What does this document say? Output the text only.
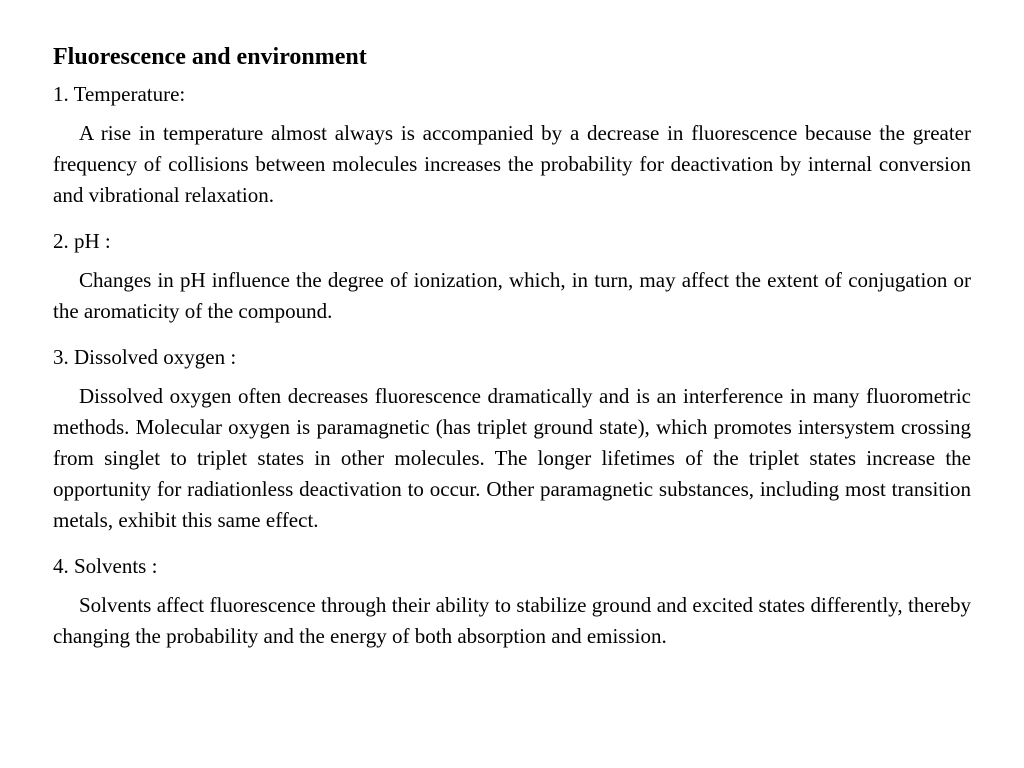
Fluorescence and environment
1. Temperature:
A rise in temperature almost always is accompanied by a decrease in fluorescence because the greater frequency of collisions between molecules increases the probability for deactivation by internal conversion and vibrational relaxation.
2. pH :
Changes in pH influence the degree of ionization, which, in turn, may affect the extent of conjugation or the aromaticity of the compound.
3. Dissolved oxygen :
Dissolved oxygen often decreases fluorescence dramatically and is an interference in many fluorometric methods. Molecular oxygen is paramagnetic (has triplet ground state), which promotes intersystem crossing from singlet to triplet states in other molecules. The longer lifetimes of the triplet states increase the opportunity for radiationless deactivation to occur. Other paramagnetic substances, including most transition metals, exhibit this same effect.
4. Solvents :
Solvents affect fluorescence through their ability to stabilize ground and excited states differently, thereby changing the probability and the energy of both absorption and emission.
